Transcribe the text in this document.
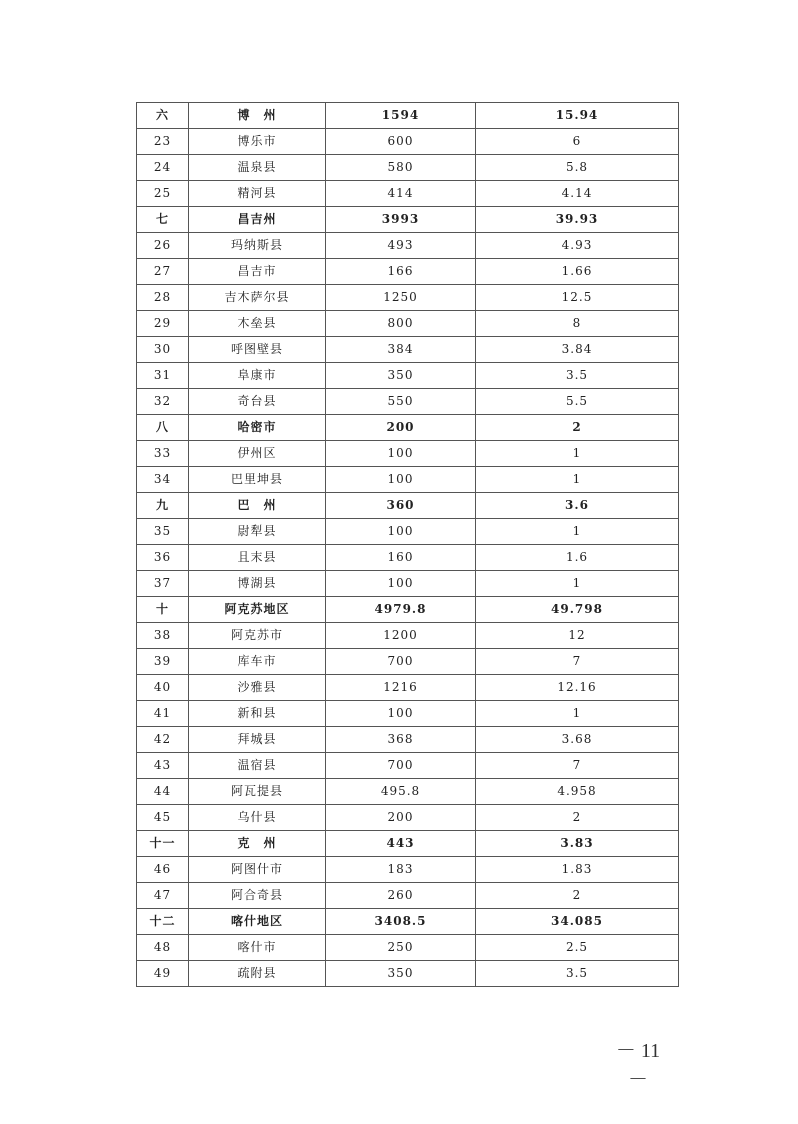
六	博　州	1594	15.94
23	博乐市	600	6
24	温泉县	580	5.8
25	精河县	414	4.14
七	昌吉州	3993	39.93
26	玛纳斯县	493	4.93
27	昌吉市	166	1.66
28	吉木萨尔县	1250	12.5
29	木垒县	800	8
30	呼图壁县	384	3.84
31	阜康市	350	3.5
32	奇台县	550	5.5
八	哈密市	200	2
33	伊州区	100	1
34	巴里坤县	100	1
九	巴　州	360	3.6
35	尉犁县	100	1
36	且末县	160	1.6
37	博湖县	100	1
十	阿克苏地区	4979.8	49.798
38	阿克苏市	1200	12
39	库车市	700	7
40	沙雅县	1216	12.16
41	新和县	100	1
42	拜城县	368	3.68
43	温宿县	700	7
44	阿瓦提县	495.8	4.958
45	乌什县	200	2
十一	克　州	443	3.83
46	阿图什市	183	1.83
47	阿合奇县	260	2
十二	喀什地区	3408.5	34.085
48	喀什市	250	2.5
49	疏附县	350	3.5
－ 11 －
